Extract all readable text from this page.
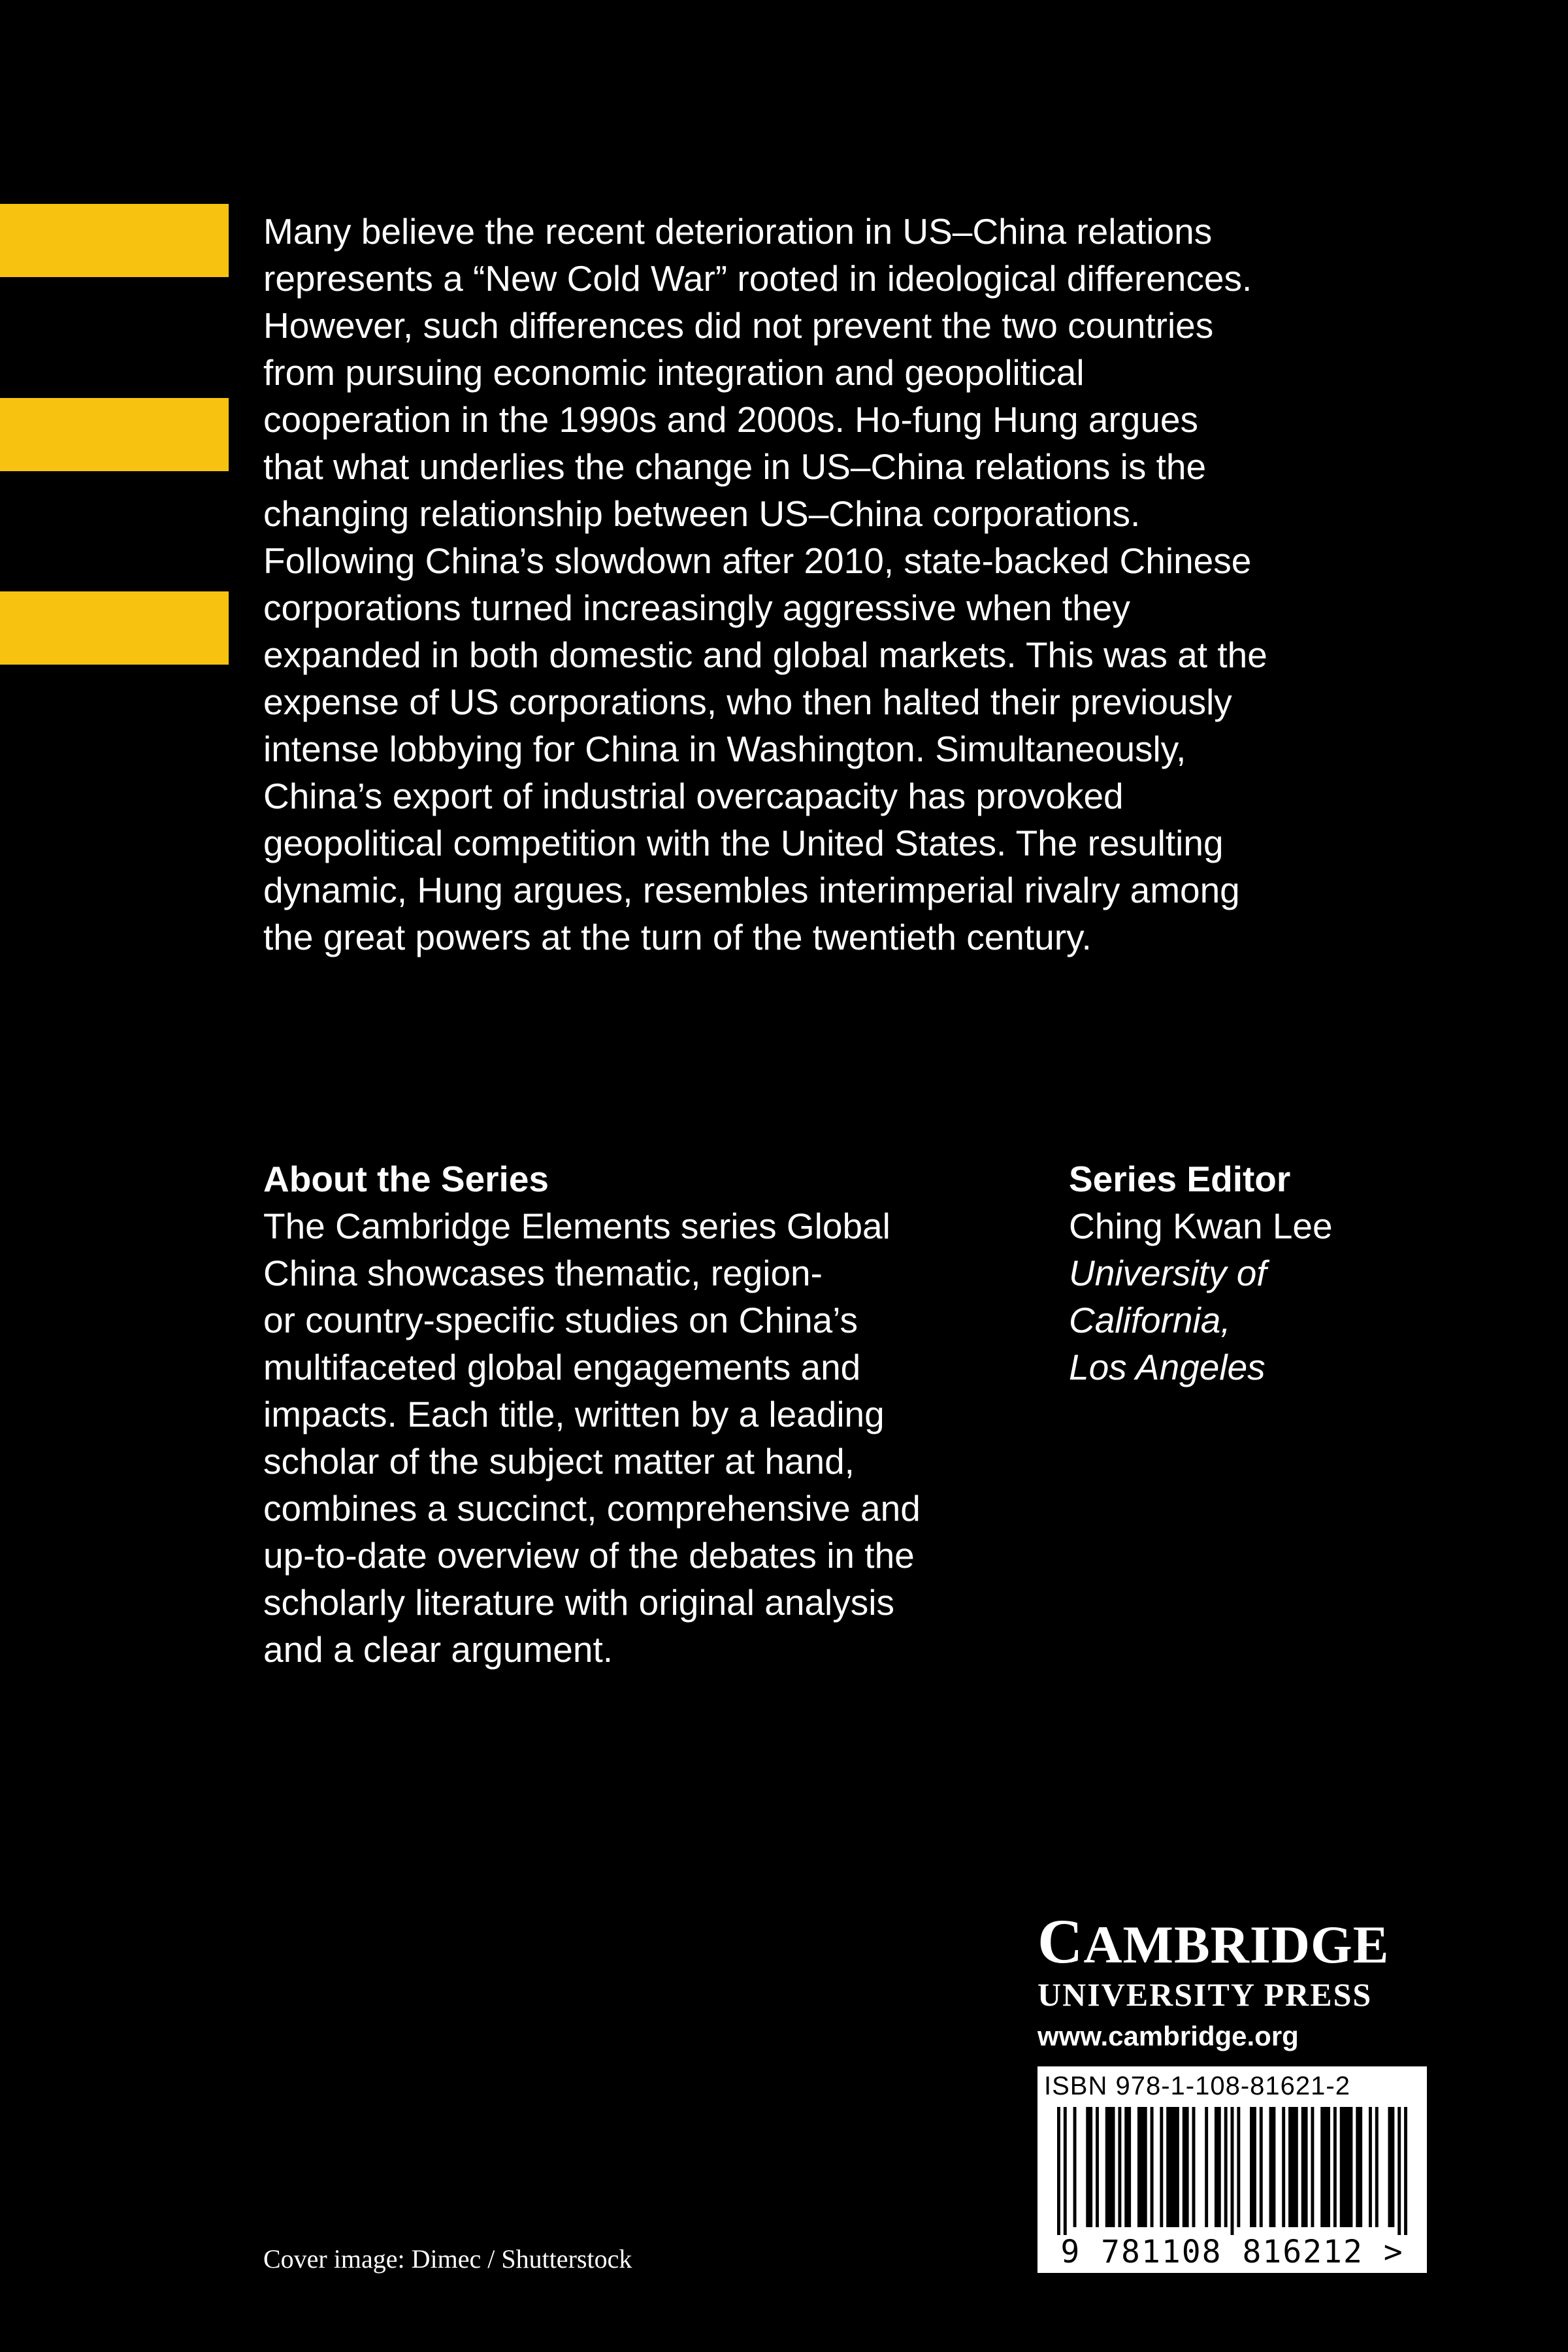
Many believe the recent deterioration in US–China relations
represents a “New Cold War” rooted in ideological differences.
However, such differences did not prevent the two countries
from pursuing economic integration and geopolitical
cooperation in the 1990s and 2000s. Ho-fung Hung argues
that what underlies the change in US–China relations is the
changing relationship between US–China corporations.
Following China’s slowdown after 2010, state-backed Chinese
corporations turned increasingly aggressive when they
expanded in both domestic and global markets. This was at the
expense of US corporations, who then halted their previously
intense lobbying for China in Washington. Simultaneously,
China’s export of industrial overcapacity has provoked
geopolitical competition with the United States. The resulting
dynamic, Hung argues, resembles interimperial rivalry among
the great powers at the turn of the twentieth century.
About the Series
The Cambridge Elements series Global
China showcases thematic, region-
or country-specific studies on China’s
multifaceted global engagements and
impacts. Each title, written by a leading
scholar of the subject matter at hand,
combines a succinct, comprehensive and
up-to-date overview of the debates in the
scholarly literature with original analysis
and a clear argument.
Series Editor
Ching Kwan Lee
University of
California,
Los Angeles
CAMBRIDGE
UNIVERSITY PRESS
www.cambridge.org
ISBN 978-1-108-81621-2
9 781108 816212 >
Cover image: Dimec / Shutterstock
